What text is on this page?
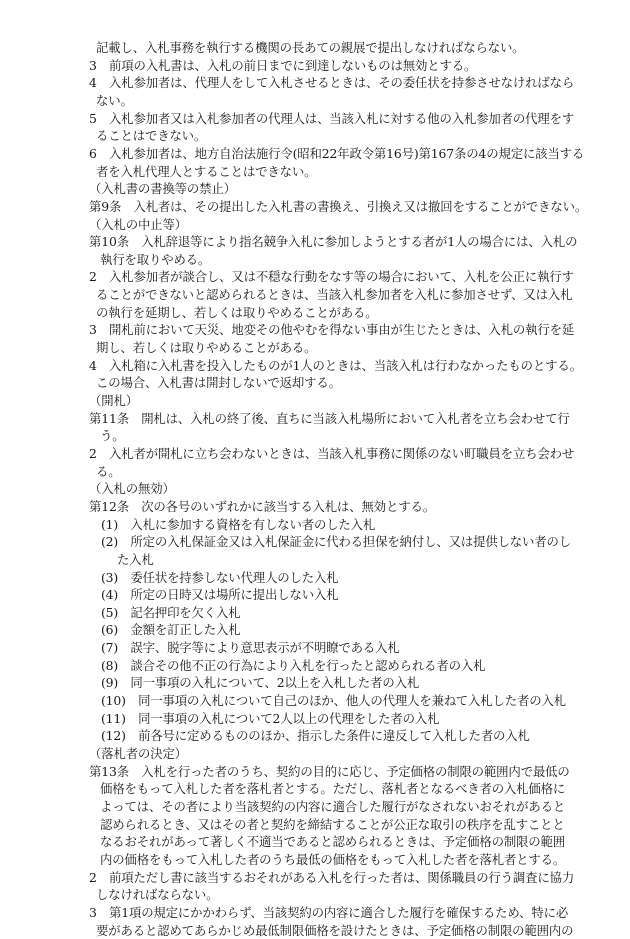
記載し、入札事務を執行する機関の長あての親展で提出しなければならない。
3　前項の入札書は、入札の前日までに到達しないものは無効とする。
4　入札参加者は、代理人をして入札させるときは、その委任状を持参させなければなら
ない。
5　入札参加者又は入札参加者の代理人は、当該入札に対する他の入札参加者の代理をす
ることはできない。
6　入札参加者は、地方自治法施行令(昭和22年政令第16号)第167条の4の規定に該当する
者を入札代理人とすることはできない。
（入札書の書換等の禁止）
第9条　入札者は、その提出した入札書の書換え、引換え又は撤回をすることができない。
（入札の中止等）
第10条　入札辞退等により指名競争入札に参加しようとする者が1人の場合には、入札の
執行を取りやめる。
2　入札参加者が談合し、又は不穏な行動をなす等の場合において、入札を公正に執行す
ることができないと認められるときは、当該入札参加者を入札に参加させず、又は入札
の執行を延期し、若しくは取りやめることがある。
3　開札前において天災、地変その他やむを得ない事由が生じたときは、入札の執行を延
期し、若しくは取りやめることがある。
4　入札箱に入札書を投入したものが1人のときは、当該入札は行わなかったものとする。
この場合、入札書は開封しないで返却する。
（開札）
第11条　開札は、入札の終了後、直ちに当該入札場所において入札者を立ち会わせて行
う。
2　入札者が開札に立ち会わないときは、当該入札事務に関係のない町職員を立ち会わせ
る。
（入札の無効）
第12条　次の各号のいずれかに該当する入札は、無効とする。
(1)　入札に参加する資格を有しない者のした入札
(2)　所定の入札保証金又は入札保証金に代わる担保を納付し、又は提供しない者のし
た入札
(3)　委任状を持参しない代理人のした入札
(4)　所定の日時又は場所に提出しない入札
(5)　記名押印を欠く入札
(6)　金額を訂正した入札
(7)　誤字、脱字等により意思表示が不明瞭である入札
(8)　談合その他不正の行為により入札を行ったと認められる者の入札
(9)　同一事項の入札について、2以上を入札した者の入札
(10)　同一事項の入札について自己のほか、他人の代理人を兼ねて入札した者の入札
(11)　同一事項の入札について2人以上の代理をした者の入札
(12)　前各号に定めるもののほか、指示した条件に違反して入札した者の入札
（落札者の決定）
第13条　入札を行った者のうち、契約の目的に応じ、予定価格の制限の範囲内で最低の
価格をもって入札した者を落札者とする。ただし、落札者となるべき者の入札価格に
よっては、その者により当該契約の内容に適合した履行がなされないおそれがあると
認められるとき、又はその者と契約を締結することが公正な取引の秩序を乱すことと
なるおそれがあって著しく不適当であると認められるときは、予定価格の制限の範囲
内の価格をもって入札した者のうち最低の価格をもって入札した者を落札者とする。
2　前項ただし書に該当するおそれがある入札を行った者は、関係職員の行う調査に協力
しなければならない。
3　第1項の規定にかかわらず、当該契約の内容に適合した履行を確保するため、特に必
要があると認めてあらかじめ最低制限価格を設けたときは、予定価格の制限の範囲内の
